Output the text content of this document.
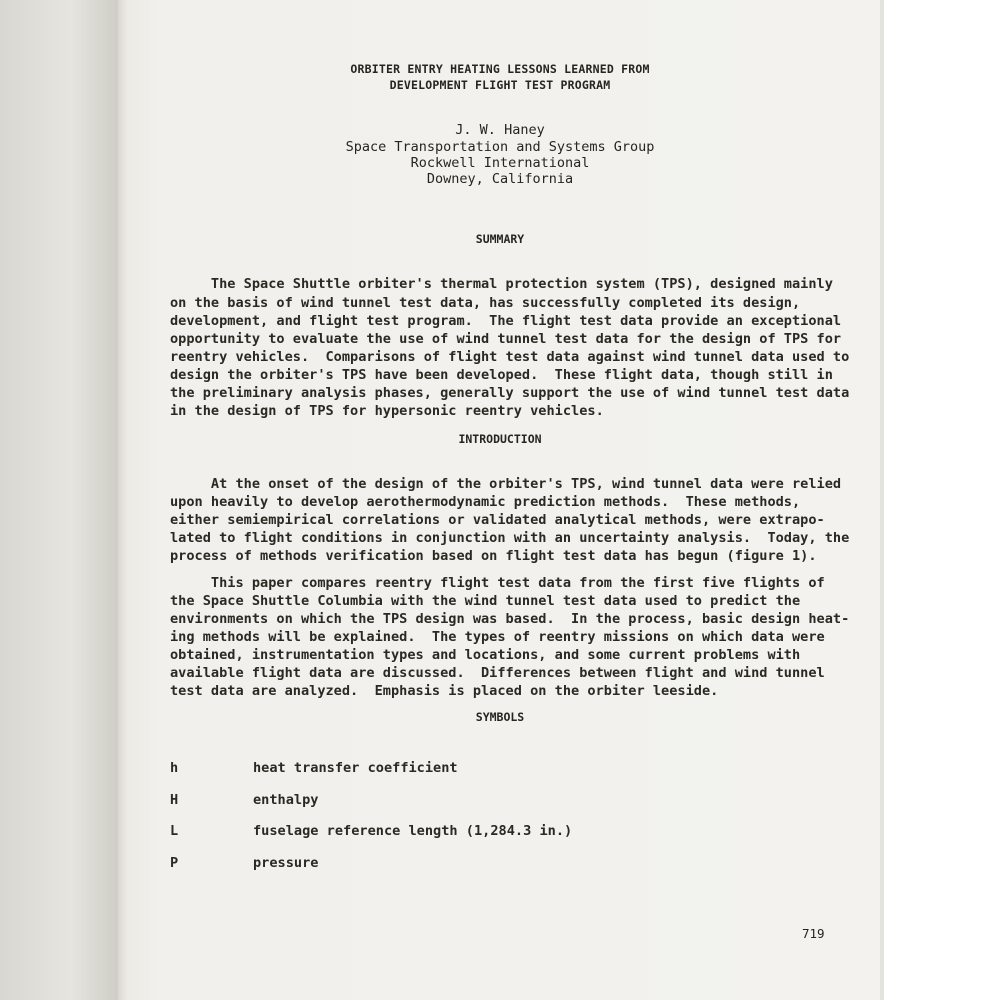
ORBITER ENTRY HEATING LESSONS LEARNED FROM
DEVELOPMENT FLIGHT TEST PROGRAM
J. W. Haney
Space Transportation and Systems Group
Rockwell International
Downey, California
SUMMARY
The Space Shuttle orbiter's thermal protection system (TPS), designed mainly
on the basis of wind tunnel test data, has successfully completed its design,
development, and flight test program.  The flight test data provide an exceptional
opportunity to evaluate the use of wind tunnel test data for the design of TPS for
reentry vehicles.  Comparisons of flight test data against wind tunnel data used to
design the orbiter's TPS have been developed.  These flight data, though still in
the preliminary analysis phases, generally support the use of wind tunnel test data
in the design of TPS for hypersonic reentry vehicles.
INTRODUCTION
At the onset of the design of the orbiter's TPS, wind tunnel data were relied
upon heavily to develop aerothermodynamic prediction methods.  These methods,
either semiempirical correlations or validated analytical methods, were extrapo-
lated to flight conditions in conjunction with an uncertainty analysis.  Today, the
process of methods verification based on flight test data has begun (figure 1).
This paper compares reentry flight test data from the first five flights of
the Space Shuttle Columbia with the wind tunnel test data used to predict the
environments on which the TPS design was based.  In the process, basic design heat-
ing methods will be explained.  The types of reentry missions on which data were
obtained, instrumentation types and locations, and some current problems with
available flight data are discussed.  Differences between flight and wind tunnel
test data are analyzed.  Emphasis is placed on the orbiter leeside.
SYMBOLS
h	heat transfer coefficient
H	enthalpy
L	fuselage reference length (1,284.3 in.)
P	pressure
719
